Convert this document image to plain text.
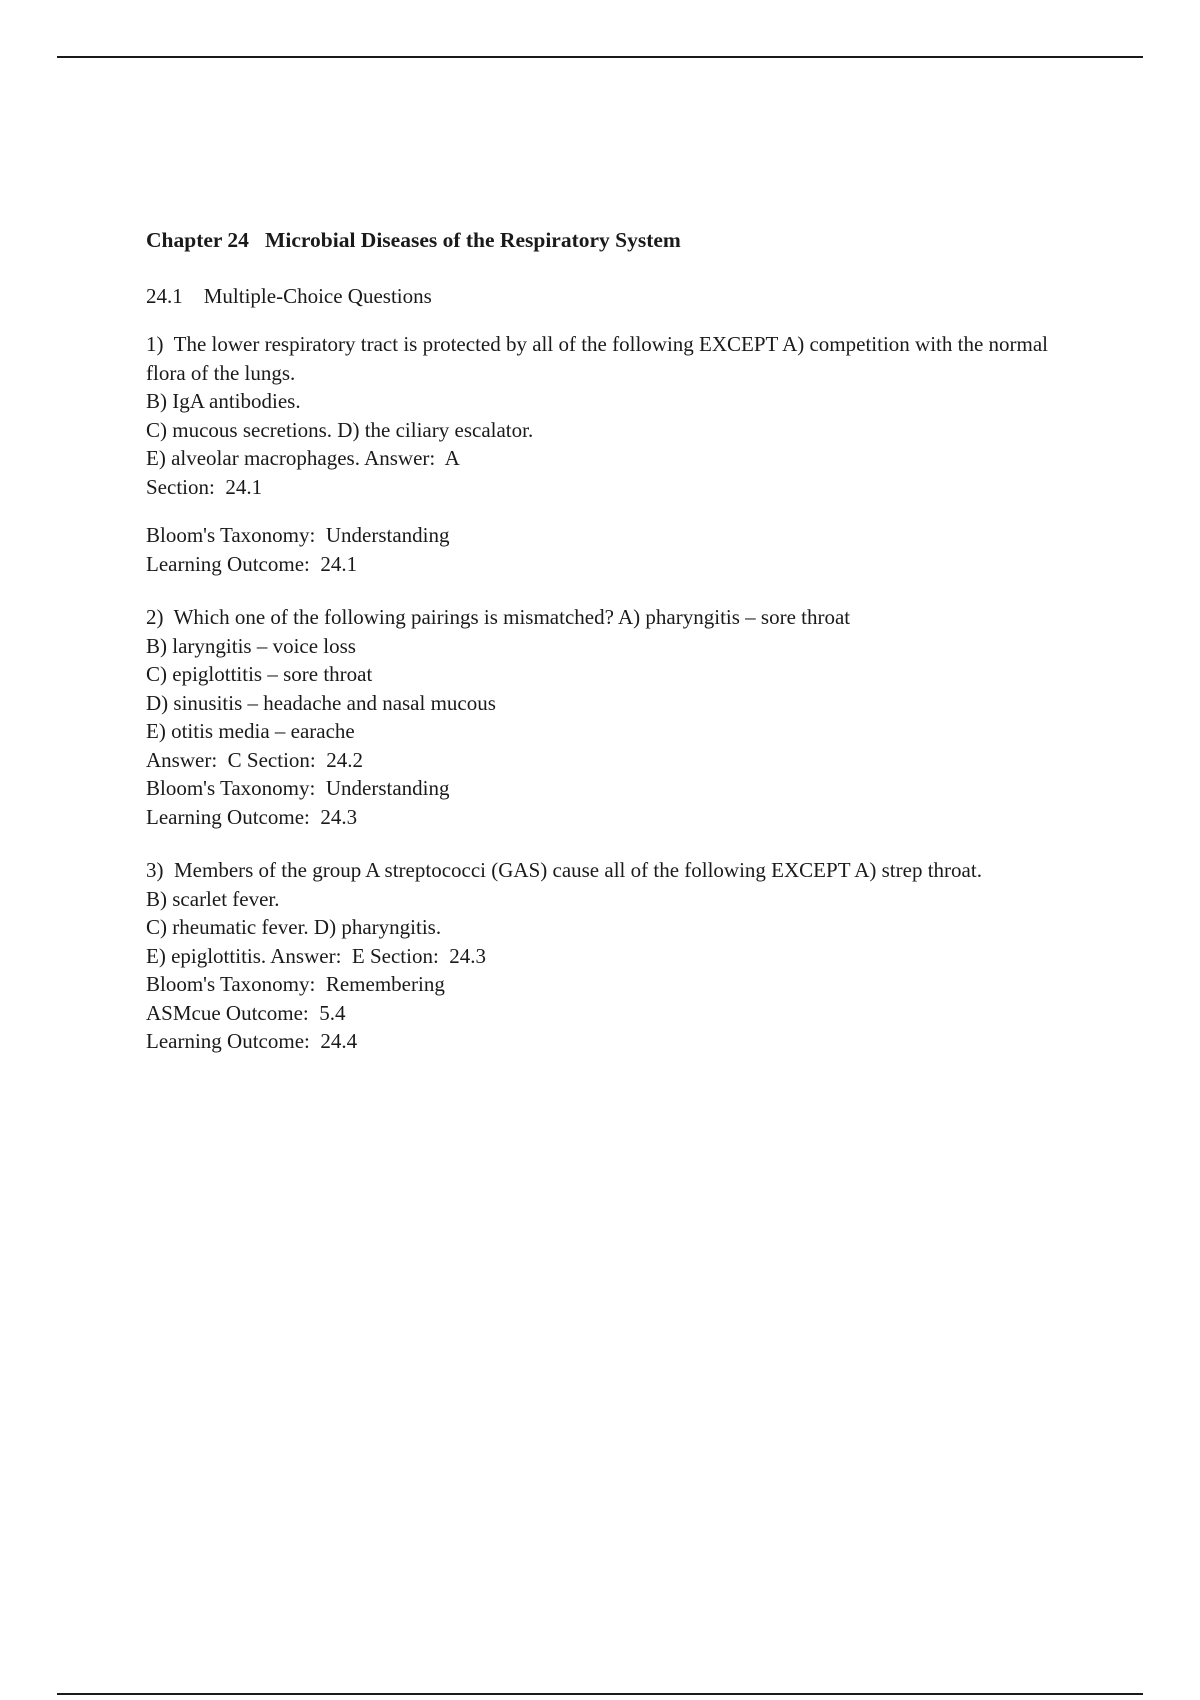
Chapter 24   Microbial Diseases of the Respiratory System
24.1    Multiple-Choice Questions
1)  The lower respiratory tract is protected by all of the following EXCEPT A) competition with the normal flora of the lungs.
B) IgA antibodies.
C) mucous secretions. D) the ciliary escalator.
E) alveolar macrophages. Answer:  A
Section:  24.1
Bloom's Taxonomy:  Understanding
Learning Outcome:  24.1
2)  Which one of the following pairings is mismatched? A) pharyngitis – sore throat
B) laryngitis – voice loss
C) epiglottitis – sore throat
D) sinusitis – headache and nasal mucous
E) otitis media – earache
Answer:  C Section:  24.2
Bloom's Taxonomy:  Understanding
Learning Outcome:  24.3
3)  Members of the group A streptococci (GAS) cause all of the following EXCEPT A) strep throat.
B) scarlet fever.
C) rheumatic fever. D) pharyngitis.
E) epiglottitis. Answer:  E Section:  24.3
Bloom's Taxonomy:  Remembering
ASMcue Outcome:  5.4
Learning Outcome:  24.4
